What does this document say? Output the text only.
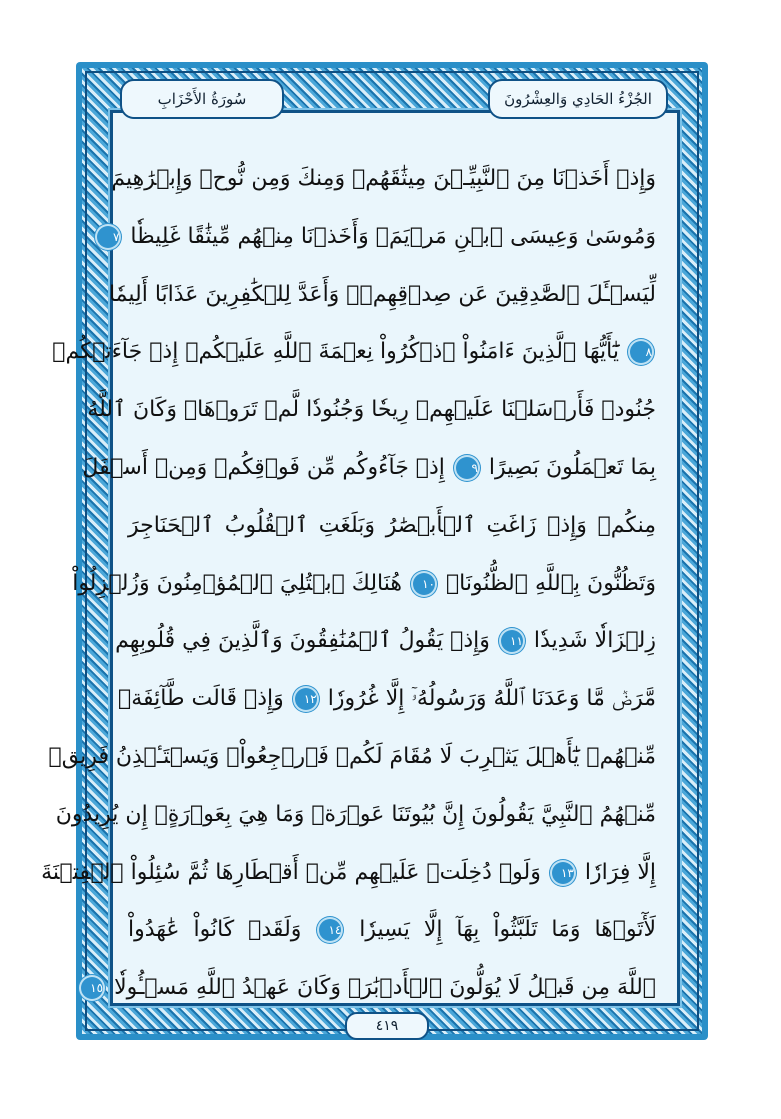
الجُزْءُ الحَادِي وَالعِشْرُونَ
سُورَةُ الأَحْزَابِ
وَإِذۡ أَخَذۡنَا مِنَ ٱلنَّبِيِّـۧنَ مِيثَٰقَهُمۡ وَمِنكَ وَمِن نُّوحٖ وَإِبۡرَٰهِيمَ
وَمُوسَىٰ وَعِيسَى ٱبۡنِ مَرۡيَمَۖ وَأَخَذۡنَا مِنۡهُم مِّيثَٰقًا غَلِيظٗا ٧
لِّيَسۡـَٔلَ ٱلصَّٰدِقِينَ عَن صِدۡقِهِمۡۚ وَأَعَدَّ لِلۡكَٰفِرِينَ عَذَابًا أَلِيمٗا
٨ يَٰٓأَيُّهَا ٱلَّذِينَ ءَامَنُواْ ٱذۡكُرُواْ نِعۡمَةَ ٱللَّهِ عَلَيۡكُمۡ إِذۡ جَآءَتۡكُمۡ
جُنُودٞ فَأَرۡسَلۡنَا عَلَيۡهِمۡ رِيحٗا وَجُنُودٗا لَّمۡ تَرَوۡهَاۚ وَكَانَ ٱللَّهُ
بِمَا تَعۡمَلُونَ بَصِيرًا ٩ إِذۡ جَآءُوكُم مِّن فَوۡقِكُمۡ وَمِنۡ أَسۡفَلَ
مِنكُمۡ وَإِذۡ زَاغَتِ ٱلۡأَبۡصَٰرُ وَبَلَغَتِ ٱلۡقُلُوبُ ٱلۡحَنَاجِرَ
وَتَظُنُّونَ بِٱللَّهِ ٱلظُّنُونَا۠ ١٠ هُنَالِكَ ٱبۡتُلِيَ ٱلۡمُؤۡمِنُونَ وَزُلۡزِلُواْ
زِلۡزَالٗا شَدِيدٗا ١١ وَإِذۡ يَقُولُ ٱلۡمُنَٰفِقُونَ وَٱلَّذِينَ فِي قُلُوبِهِم
مَّرَضٞ مَّا وَعَدَنَا ٱللَّهُ وَرَسُولُهُۥٓ إِلَّا غُرُورٗا ١٢ وَإِذۡ قَالَت طَّآئِفَةٞ
مِّنۡهُمۡ يَٰٓأَهۡلَ يَثۡرِبَ لَا مُقَامَ لَكُمۡ فَٱرۡجِعُواْۚ وَيَسۡتَـٔۡذِنُ فَرِيقٞ
مِّنۡهُمُ ٱلنَّبِيَّ يَقُولُونَ إِنَّ بُيُوتَنَا عَوۡرَةٞ وَمَا هِيَ بِعَوۡرَةٍۖ إِن يُرِيدُونَ
إِلَّا فِرَارٗا ١٣ وَلَوۡ دُخِلَتۡ عَلَيۡهِم مِّنۡ أَقۡطَارِهَا ثُمَّ سُئِلُواْ ٱلۡفِتۡنَةَ
لَأٓتَوۡهَا وَمَا تَلَبَّثُواْ بِهَآ إِلَّا يَسِيرٗا ١٤ وَلَقَدۡ كَانُواْ عَٰهَدُواْ
ٱللَّهَ مِن قَبۡلُ لَا يُوَلُّونَ ٱلۡأَدۡبَٰرَۚ وَكَانَ عَهۡدُ ٱللَّهِ مَسۡـُٔولٗا ١٥
٤١٩
